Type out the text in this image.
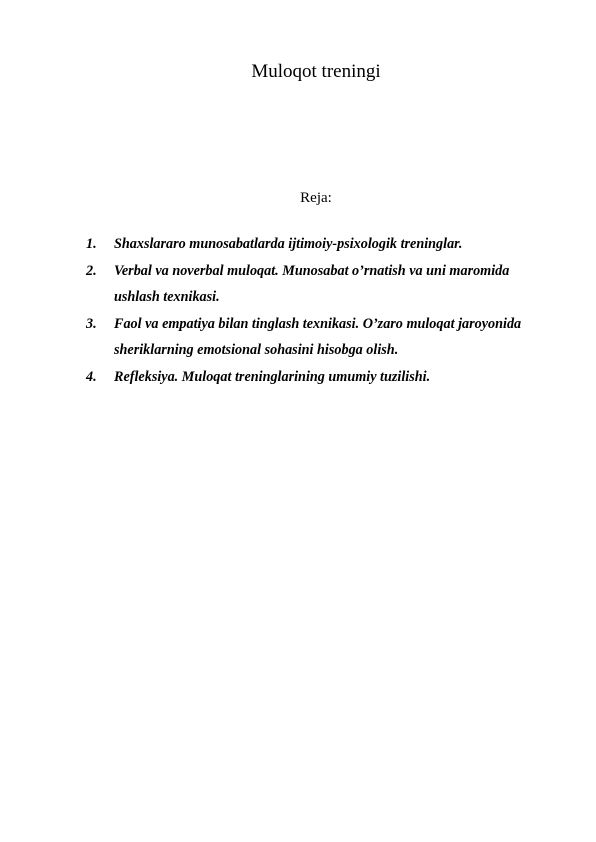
Muloqot treningi
Reja:
1. Shaxslararo munosabatlarda ijtimoiy-psixologik treninglar.
2. Verbal va noverbal muloqat. Munosabat o’rnatish va uni maromida ushlash texnikasi.
3. Faol va empatiya bilan tinglash texnikasi. O’zaro muloqat jaroyonida sheriklarning emotsional sohasini hisobga olish.
4. Refleksiya. Muloqat treninglarining umumiy tuzilishi.
